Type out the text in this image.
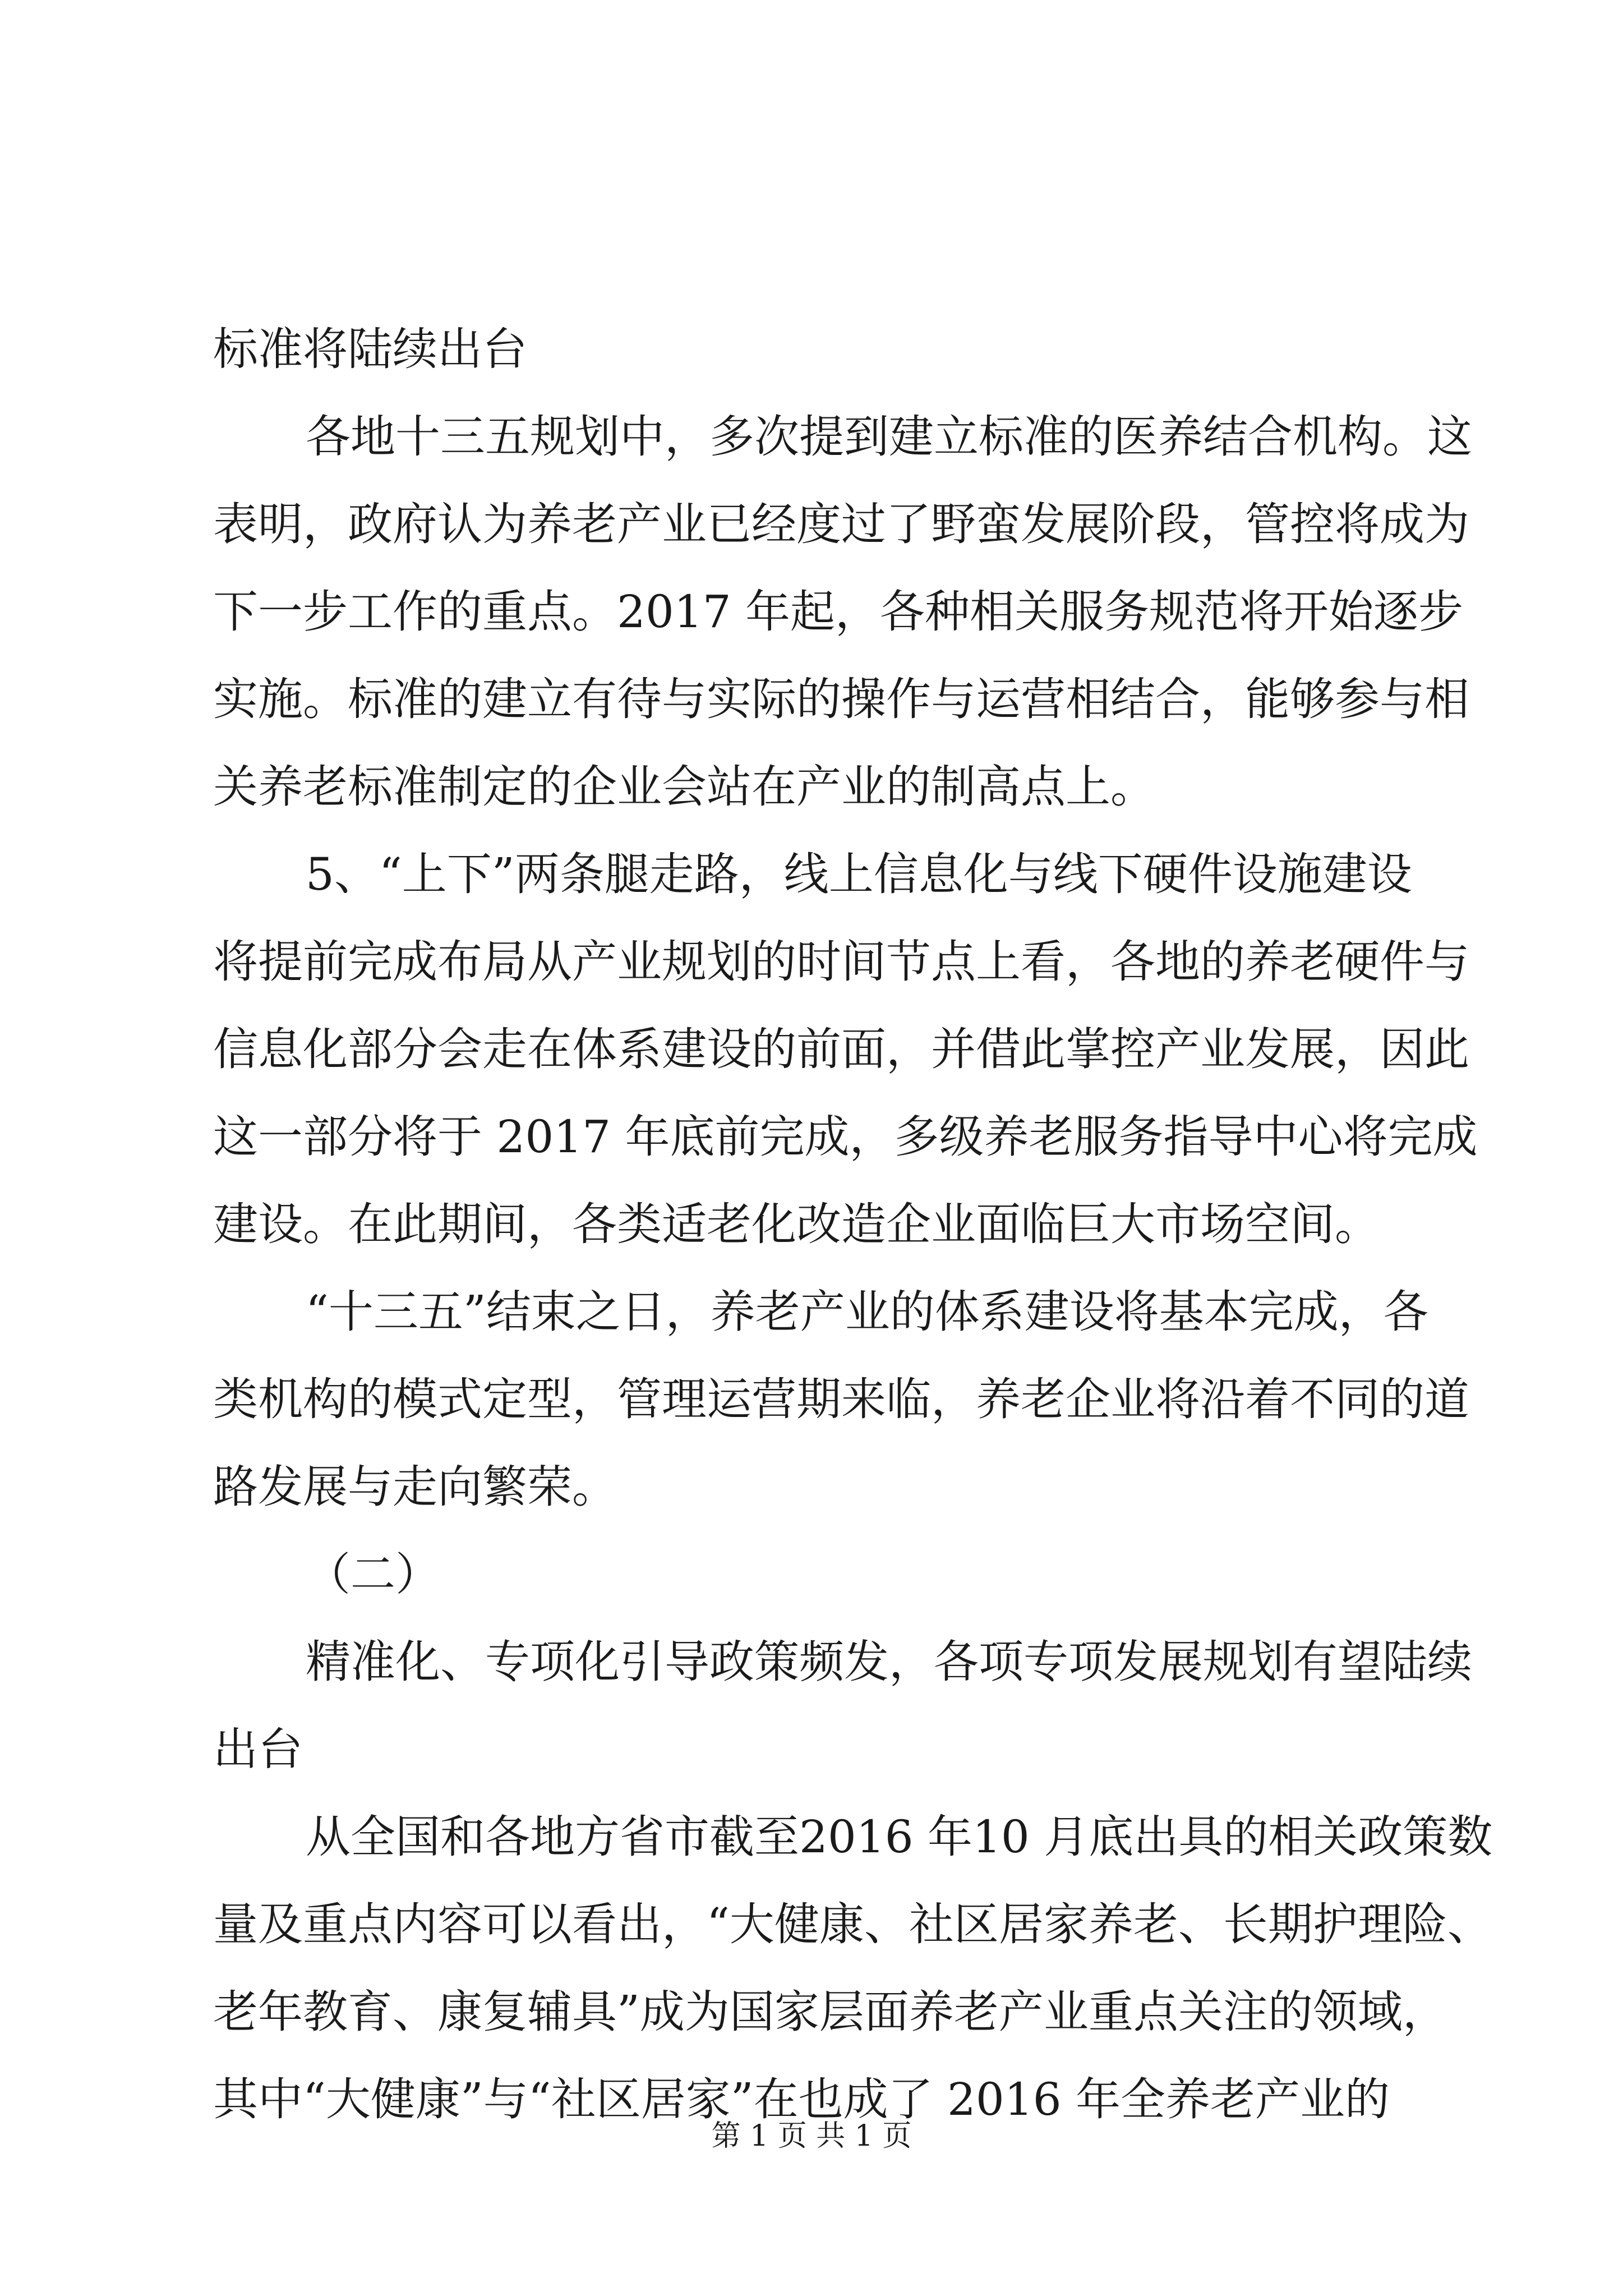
标准将陆续出台
各地十三五规划中，多次提到建立标准的医养结合机构。这
表明，政府认为养老产业已经度过了野蛮发展阶段，管控将成为
下一步工作的重点。2017 年起，各种相关服务规范将开始逐步
实施。标准的建立有待与实际的操作与运营相结合，能够参与相
关养老标准制定的企业会站在产业的制高点上。
5、“上下”两条腿走路，线上信息化与线下硬件设施建设
将提前完成布局从产业规划的时间节点上看，各地的养老硬件与
信息化部分会走在体系建设的前面，并借此掌控产业发展，因此
这一部分将于 2017 年底前完成，多级养老服务指导中心将完成
建设。在此期间，各类适老化改造企业面临巨大市场空间。
“十三五”结束之日，养老产业的体系建设将基本完成，各
类机构的模式定型，管理运营期来临，养老企业将沿着不同的道
路发展与走向繁荣。
（二）
精准化、专项化引导政策频发，各项专项发展规划有望陆续
出台
从全国和各地方省市截至2016 年10 月底出具的相关政策数
量及重点内容可以看出，“大健康、社区居家养老、长期护理险、
老年教育、康复辅具”成为国家层面养老产业重点关注的领域，
其中“大健康”与“社区居家”在也成了 2016 年全养老产业的
第 1 页 共 1 页
